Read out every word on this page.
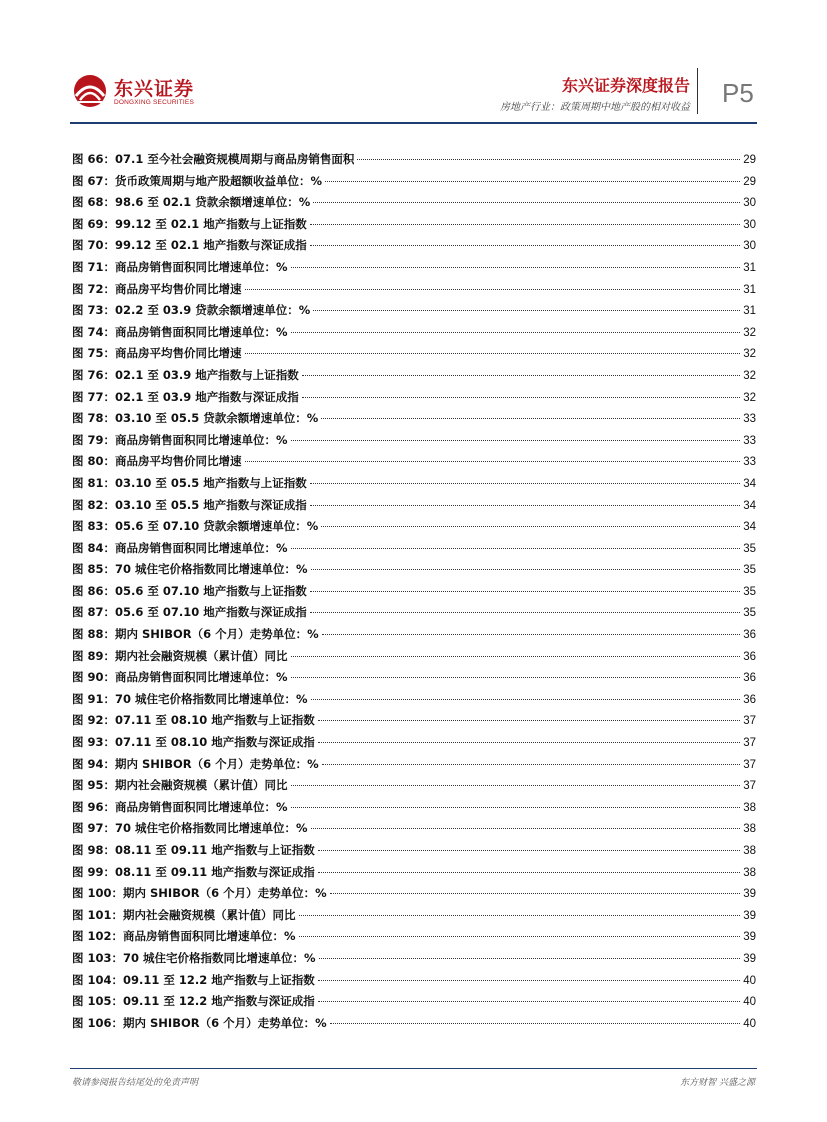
东兴证券
DONGXING SECURITIES
东兴证券深度报告
房地产行业：政策周期中地产股的相对收益 P5
图 66：07.1 至今社会融资规模周期与商品房销售面积	29
图 67：货币政策周期与地产股超额收益单位：%	29
图 68：98.6 至 02.1 贷款余额增速单位：%	30
图 69：99.12 至 02.1 地产指数与上证指数	30
图 70：99.12 至 02.1 地产指数与深证成指	30
图 71：商品房销售面积同比增速单位：%	31
图 72：商品房平均售价同比增速	31
图 73：02.2 至 03.9 贷款余额增速单位：%	31
图 74：商品房销售面积同比增速单位：%	32
图 75：商品房平均售价同比增速	32
图 76：02.1 至 03.9 地产指数与上证指数	32
图 77：02.1 至 03.9 地产指数与深证成指	32
图 78：03.10 至 05.5 贷款余额增速单位：%	33
图 79：商品房销售面积同比增速单位：%	33
图 80：商品房平均售价同比增速	33
图 81：03.10 至 05.5 地产指数与上证指数	34
图 82：03.10 至 05.5 地产指数与深证成指	34
图 83：05.6 至 07.10 贷款余额增速单位：%	34
图 84：商品房销售面积同比增速单位：%	35
图 85：70 城住宅价格指数同比增速单位：%	35
图 86：05.6 至 07.10 地产指数与上证指数	35
图 87：05.6 至 07.10 地产指数与深证成指	35
图 88：期内 SHIBOR（6 个月）走势单位：%	36
图 89：期内社会融资规模（累计值）同比	36
图 90：商品房销售面积同比增速单位：%	36
图 91：70 城住宅价格指数同比增速单位：%	36
图 92：07.11 至 08.10 地产指数与上证指数	37
图 93：07.11 至 08.10 地产指数与深证成指	37
图 94：期内 SHIBOR（6 个月）走势单位：%	37
图 95：期内社会融资规模（累计值）同比	37
图 96：商品房销售面积同比增速单位：%	38
图 97：70 城住宅价格指数同比增速单位：%	38
图 98：08.11 至 09.11 地产指数与上证指数	38
图 99：08.11 至 09.11 地产指数与深证成指	38
图 100：期内 SHIBOR（6 个月）走势单位：%	39
图 101：期内社会融资规模（累计值）同比	39
图 102：商品房销售面积同比增速单位：%	39
图 103：70 城住宅价格指数同比增速单位：%	39
图 104：09.11 至 12.2 地产指数与上证指数	40
图 105：09.11 至 12.2 地产指数与深证成指	40
图 106：期内 SHIBOR（6 个月）走势单位：%	40
敬请参阅报告结尾处的免责声明	东方财智 兴盛之源
